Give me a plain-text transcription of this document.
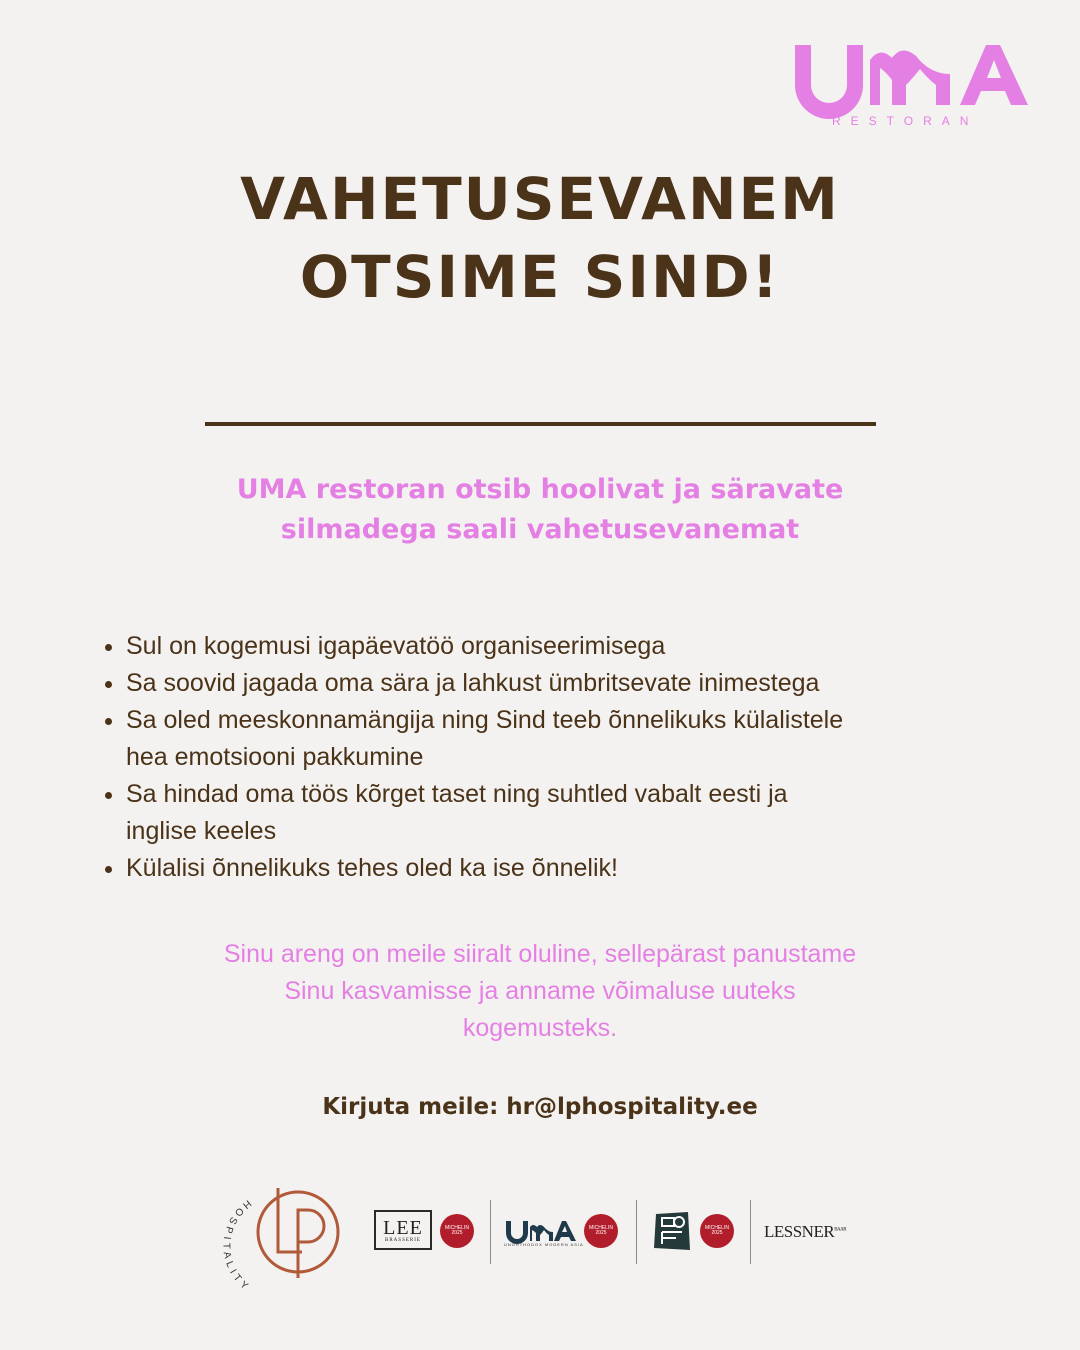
RESTORAN
VAHETUSEVANEM
OTSIME SIND!
UMA restoran otsib hoolivat ja säravate
silmadega saali vahetusevanemat
• Sul on kogemusi igapäevatöö organiseerimisega
• Sa soovid jagada oma sära ja lahkust ümbritsevate inimestega
• Sa oled meeskonnamängija ning Sind teeb õnnelikuks külalistele
hea emotsiooni pakkumine
• Sa hindad oma töös kõrget taset ning suhtled vabalt eesti ja
inglise keeles
• Külalisi õnnelikuks tehes oled ka ise õnnelik!
Sinu areng on meile siiralt oluline, sellepärast panustame
Sinu kasvamisse ja anname võimaluse uuteks
kogemusteks.
Kirjuta meile: hr@lphospitality.ee
HOSPITALITY
LEE
BRASSERIE
MICHELIN
2025
UNORTHODOX MODERN ASIA
MICHELIN
2025
MICHELIN
2025 $LESSNER^{BAAR}$
